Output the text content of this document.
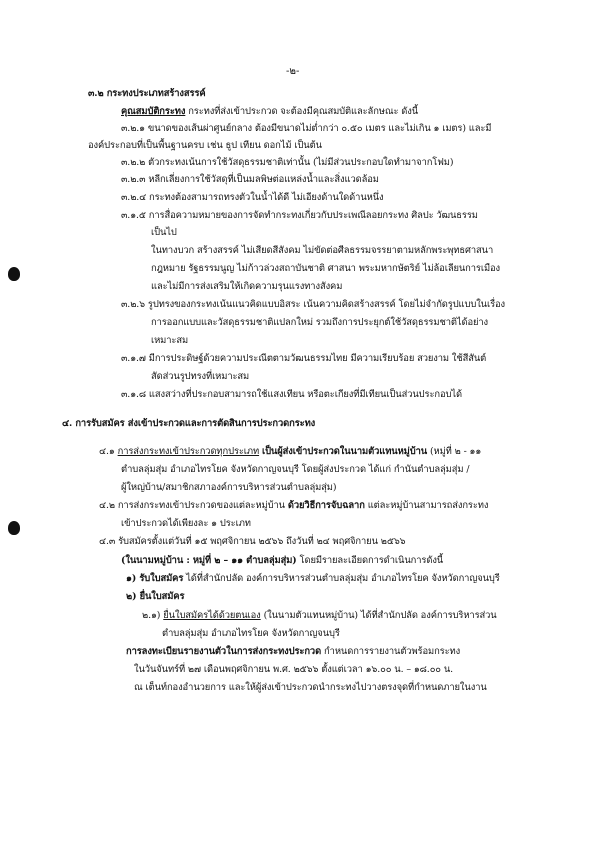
-๒-
๓.๒ กระทงประเภทสร้างสรรค์
คุณสมบัติกระทง กระทงที่ส่งเข้าประกวด จะต้องมีคุณสมบัติและลักษณะ ดังนี้
๓.๒.๑ ขนาดของเส้นผ่าศูนย์กลาง ต้องมีขนาดไม่ต่ำกว่า ๐.๕๐ เมตร และไม่เกิน ๑ เมตร) และมี
องค์ประกอบที่เป็นพื้นฐานครบ เช่น ธูป เทียน ดอกไม้ เป็นต้น
๓.๒.๒ ตัวกระทงเน้นการใช้วัสดุธรรมชาติเท่านั้น (ไม่มีส่วนประกอบใดทำมาจากโฟม)
๓.๒.๓ หลีกเลี่ยงการใช้วัสดุที่เป็นมลพิษต่อแหล่งน้ำและสิ่งแวดล้อม
๓.๒.๔ กระทงต้องสามารถทรงตัวในน้ำได้ดี ไม่เอียงด้านใดด้านหนึ่ง
๓.๑.๕ การสื่อความหมายของการจัดทำกระทงเกี่ยวกับประเพณีลอยกระทง ศิลปะ วัฒนธรรม
เป็นไป
ในทางบวก สร้างสรรค์ ไม่เสียดสีสังคม ไม่ขัดต่อศีลธรรมจรรยาตามหลักพระพุทธศาสนา
กฎหมาย รัฐธรรมนูญ ไม่ก้าวล่วงสถาบันชาติ ศาสนา พระมหากษัตริย์ ไม่ล้อเลียนการเมือง
และไม่มีการส่งเสริมให้เกิดความรุนแรงทางสังคม
๓.๒.๖ รูปทรงของกระทงเน้นแนวคิดแบบอิสระ เน้นความคิดสร้างสรรค์ โดยไม่จำกัดรูปแบบในเรื่อง
การออกแบบและวัสดุธรรมชาติแปลกใหม่ รวมถึงการประยุกต์ใช้วัสดุธรรมชาติได้อย่าง
เหมาะสม
๓.๑.๗ มีการประดิษฐ์ด้วยความประณีตตามวัฒนธรรมไทย มีความเรียบร้อย สวยงาม ใช้สีสันต์
สัดส่วนรูปทรงที่เหมาะสม
๓.๑.๘ แสงสว่างที่ประกอบสามารถใช้แสงเทียน หรือตะเกียงที่มีเทียนเป็นส่วนประกอบได้
๔. การรับสมัคร ส่งเข้าประกวดและการตัดสินการประกวดกระทง
๔.๑ การส่งกระทงเข้าประกวดทุกประเภท เป็นผู้ส่งเข้าประกวดในนามตัวแทนหมู่บ้าน (หมู่ที่ ๒ - ๑๑
ตำบลลุ่มสุ่ม อำเภอไทรโยค จังหวัดกาญจนบุรี โดยผู้ส่งประกวด ได้แก่ กำนันตำบลลุ่มสุ่ม /
ผู้ใหญ่บ้าน/สมาชิกสภาองค์การบริหารส่วนตำบลลุ่มสุ่ม)
๔.๒ การส่งกระทงเข้าประกวดของแต่ละหมู่บ้าน ด้วยวิธีการจับฉลาก แต่ละหมู่บ้านสามารถส่งกระทง
เข้าประกวดได้เพียงละ ๑ ประเภท
๔.๓ รับสมัครตั้งแต่วันที่ ๑๕ พฤศจิกายน ๒๕๖๖ ถึงวันที่ ๒๔ พฤศจิกายน ๒๕๖๖
(ในนามหมู่บ้าน : หมู่ที่ ๒ – ๑๑ ตำบลลุ่มสุ่ม) โดยมีรายละเอียดการดำเนินการดังนี้
๑) รับใบสมัคร ได้ที่สำนักปลัด องค์การบริหารส่วนตำบลลุ่มสุ่ม อำเภอไทรโยค จังหวัดกาญจนบุรี
๒) ยื่นใบสมัคร
๒.๑) ยื่นใบสมัครได้ด้วยตนเอง (ในนามตัวแทนหมู่บ้าน) ได้ที่สำนักปลัด องค์การบริหารส่วน
ตำบลลุ่มสุ่ม อำเภอไทรโยค จังหวัดกาญจนบุรี
การลงทะเบียนรายงานตัวในการส่งกระทงประกวด กำหนดการรายงานตัวพร้อมกระทง
ในวันจันทร์ที่ ๒๗ เดือนพฤศจิกายน พ.ศ. ๒๕๖๖ ตั้งแต่เวลา ๑๖.๐๐ น. – ๑๘.๐๐ น.
ณ เต็นท์กองอำนวยการ และให้ผู้ส่งเข้าประกวดนำกระทงไปวางตรงจุดที่กำหนดภายในงาน
